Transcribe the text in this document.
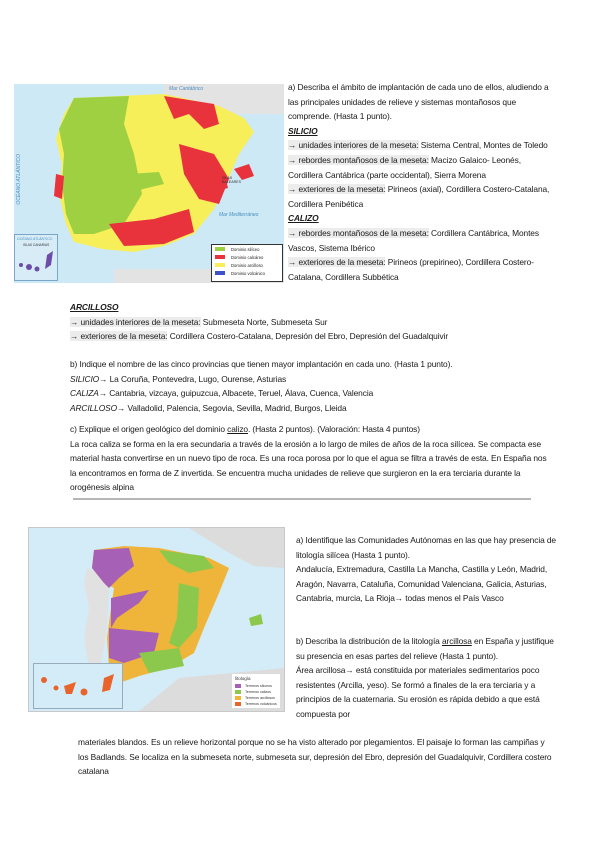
Mar Cantábrico
OCÉANO ATLÁNTICO
Mar Mediterráneo
ISLAS BALEARES
OCÉANO ATLÁNTICO
ISLAS CANARIAS
Dominio silíceo
Dominio calcáreo
Dominio arcilloso
Dominio volcánico

a) Describa el ámbito de implantación de cada uno de ellos, aludiendo a las principales unidades de relieve y sistemas montañosos que comprende. (Hasta 1 punto).

SILICIO

→ unidades interiores de la meseta: Sistema Central, Montes de Toledo

→ rebordes montañosos de la meseta: Macizo Galaico- Leonés, Cordillera Cantábrica (parte occidental), Sierra Morena

→ exteriores de la meseta: Pirineos (axial), Cordillera Costero-Catalana, Cordillera Penibética

CALIZO

→ rebordes montañosos de la meseta: Cordillera Cantábrica, Montes Vascos, Sistema Ibérico

→ exteriores de la meseta: Pirineos (prepirineo), Cordillera Costero-Catalana, Cordillera Subbética

ARCILLOSO

→ unidades interiores de la meseta: Submeseta Norte, Submeseta Sur

→ exteriores de la meseta: Cordillera Costero-Catalana, Depresión del Ebro, Depresión del Guadalquivir

b) Indique el nombre de las cinco provincias que tienen mayor implantación en cada uno. (Hasta 1 punto).

SILICIO→ La Coruña, Pontevedra, Lugo, Ourense, Asturias

CALIZA→ Cantabria, vizcaya, guipuzcua, Albacete, Teruel, Álava, Cuenca, Valencia

ARCILLOSO→ Valladolid, Palencia, Segovia, Sevilla, Madrid, Burgos, Lleida

c) Explique el origen geológico del dominio calizo. (Hasta 2 puntos). (Valoración: Hasta 4 puntos)

La roca caliza se forma en la era secundaria a través de la erosión a lo largo de miles de años de la roca silícea. Se compacta ese material hasta convertirse en un nuevo tipo de roca. Es una roca porosa por lo que el agua se filtra a través de esta. En España nos la encontramos en forma de Z invertida. Se encuentra mucha unidades de relieve que surgieron en la era terciaria durante la orogénesis alpina

litología
Terrenos silíceos
Terrenos calizos
Terrenos arcillosos
Terrenos volcánicos

a) Identifique las Comunidades Autónomas en las que hay presencia de litología silícea (Hasta 1 punto).

Andalucía, Extremadura, Castilla La Mancha, Castilla y León, Madrid, Aragón, Navarra, Cataluña, Comunidad Valenciana, Galicia, Asturias, Cantabria, murcia, La Rioja→ todas menos el País Vasco

b) Describa la distribución de la litología arcillosa en España y justifique su presencia en esas partes del relieve (Hasta 1 punto).

Área arcillosa→ está constituida por materiales sedimentarios poco resistentes (Arcilla, yeso). Se formó a finales de la era terciaria y a principios de la cuaternaria. Su erosión es rápida debido a que está compuesta por

materiales blandos. Es un relieve horizontal porque no se ha visto alterado por plegamientos. El paisaje lo forman las campiñas y los Badlands. Se localiza en la submeseta norte, submeseta sur, depresión del Ebro, depresión del Guadalquivir, Cordillera costero catalana
